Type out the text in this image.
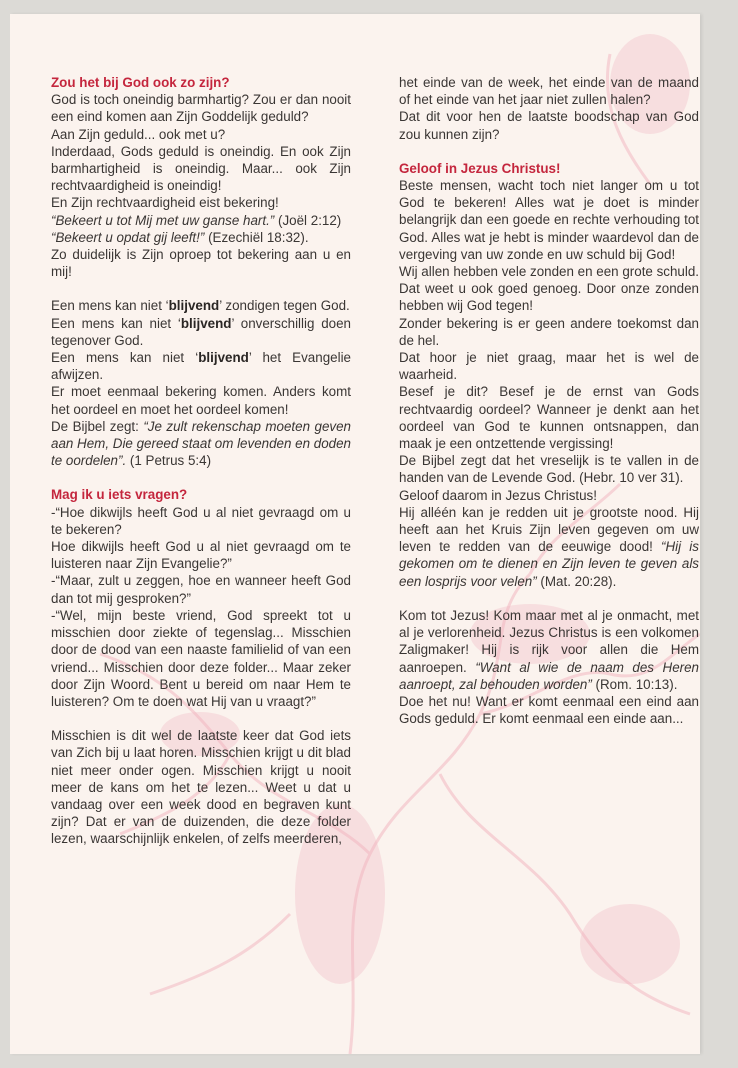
Zou het bij God ook zo zijn?

God is toch oneindig barmhartig? Zou er dan nooit een eind komen aan Zijn Goddelijk geduld?

Aan Zijn geduld... ook met u?

Inderdaad, Gods geduld is oneindig. En ook Zijn barmhartigheid is oneindig. Maar... ook Zijn rechtvaardigheid is oneindig!

En Zijn rechtvaardigheid eist bekering!

“Bekeert u tot Mij met uw ganse hart.” (Joël 2:12)

“Bekeert u opdat gij leeft!” (Ezechiël 18:32).

Zo duidelijk is Zijn oproep tot bekering aan u en mij!

Een mens kan niet ‘blijvend’ zondigen tegen God.

Een mens kan niet ‘blijvend’ onverschillig doen tegenover God.

Een mens kan niet ‘blijvend’ het Evangelie afwijzen.

Er moet eenmaal bekering komen. Anders komt het oordeel en moet het oordeel komen!

De Bijbel zegt: “Je zult rekenschap moeten geven aan Hem, Die gereed staat om levenden en doden te oordelen”. (1 Petrus 5:4)

Mag ik u iets vragen?

-“Hoe dikwijls heeft God u al niet gevraagd om u te bekeren?

Hoe dikwijls heeft God u al niet gevraagd om te luisteren naar Zijn Evangelie?”

-“Maar, zult u zeggen, hoe en wanneer heeft God dan tot mij gesproken?”

-“Wel, mijn beste vriend, God spreekt tot u misschien door ziekte of tegenslag... Misschien door de dood van een naaste familielid of van een vriend... Misschien door deze folder... Maar zeker door Zijn Woord. Bent u bereid om naar Hem te luisteren? Om te doen wat Hij van u vraagt?”

Misschien is dit wel de laatste keer dat God iets van Zich bij u laat horen. Misschien krijgt u dit blad niet meer onder ogen. Misschien krijgt u nooit meer de kans om het te lezen... Weet u dat u vandaag over een week dood en begraven kunt zijn? Dat er van de duizenden, die deze folder lezen, waarschijnlijk enkelen, of zelfs meerderen,

het einde van de week, het einde van de maand of het einde van het jaar niet zullen halen?

Dat dit voor hen de laatste boodschap van God zou kunnen zijn?

Geloof in Jezus Christus!

Beste mensen, wacht toch niet langer om u tot God te bekeren! Alles wat je doet is minder belangrijk dan een goede en rechte verhouding tot God. Alles wat je hebt is minder waardevol dan de vergeving van uw zonde en uw schuld bij God!

Wij allen hebben vele zonden en een grote schuld. Dat weet u ook goed genoeg. Door onze zonden hebben wij God tegen!

Zonder bekering is er geen andere toekomst dan de hel.

Dat hoor je niet graag, maar het is wel de waarheid.

Besef je dit? Besef je de ernst van Gods rechtvaardig oordeel? Wanneer je denkt aan het oordeel van God te kunnen ontsnappen, dan maak je een ontzettende vergissing!

De Bijbel zegt dat het vreselijk is te vallen in de handen van de Levende God. (Hebr. 10 ver 31).

Geloof daarom in Jezus Christus!

Hij alléén kan je redden uit je grootste nood. Hij heeft aan het Kruis Zijn leven gegeven om uw leven te redden van de eeuwige dood! “Hij is gekomen om te dienen en Zijn leven te geven als een losprijs voor velen” (Mat. 20:28).

Kom tot Jezus! Kom maar met al je onmacht, met al je verlorenheid. Jezus Christus is een volkomen Zaligmaker! Hij is rijk voor allen die Hem aanroepen. “Want al wie de naam des Heren aanroept, zal behouden worden” (Rom. 10:13).

Doe het nu! Want er komt eenmaal een eind aan Gods geduld. Er komt eenmaal een einde aan...
